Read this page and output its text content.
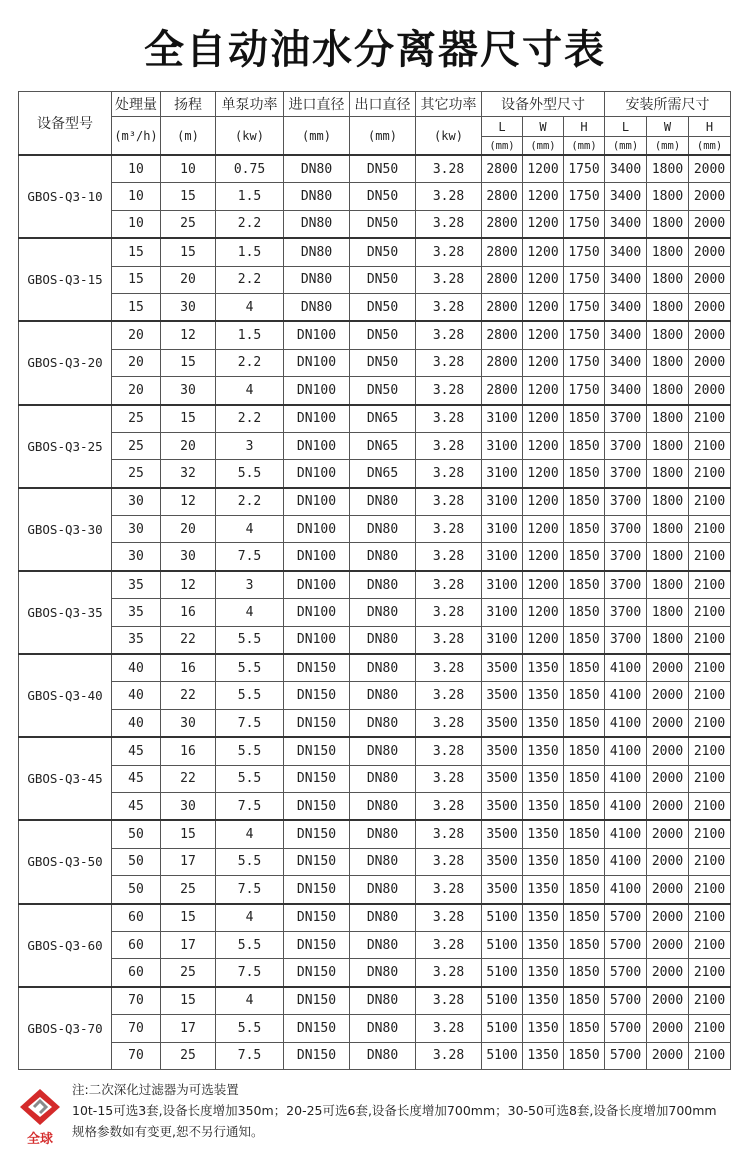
全自动油水分离器尺寸表
设备型号	处理量	扬程	单泵功率	进口直径	出口直径	其它功率	设备外型尺寸			安装所需尺寸		
	(m³/h)	(m)	(kw)	(mm)	(mm)	(kw)	L	W	H	L	W	H
							(mm)	(mm)	(mm)	(mm)	(mm)	(mm)
GBOS-Q3-10	10	10	0.75	DN80	DN50	3.28	2800	1200	1750	3400	1800	2000
	10	15	1.5	DN80	DN50	3.28	2800	1200	1750	3400	1800	2000
	10	25	2.2	DN80	DN50	3.28	2800	1200	1750	3400	1800	2000
GBOS-Q3-15	15	15	1.5	DN80	DN50	3.28	2800	1200	1750	3400	1800	2000
	15	20	2.2	DN80	DN50	3.28	2800	1200	1750	3400	1800	2000
	15	30	4	DN80	DN50	3.28	2800	1200	1750	3400	1800	2000
GBOS-Q3-20	20	12	1.5	DN100	DN50	3.28	2800	1200	1750	3400	1800	2000
	20	15	2.2	DN100	DN50	3.28	2800	1200	1750	3400	1800	2000
	20	30	4	DN100	DN50	3.28	2800	1200	1750	3400	1800	2000
GBOS-Q3-25	25	15	2.2	DN100	DN65	3.28	3100	1200	1850	3700	1800	2100
	25	20	3	DN100	DN65	3.28	3100	1200	1850	3700	1800	2100
	25	32	5.5	DN100	DN65	3.28	3100	1200	1850	3700	1800	2100
GBOS-Q3-30	30	12	2.2	DN100	DN80	3.28	3100	1200	1850	3700	1800	2100
	30	20	4	DN100	DN80	3.28	3100	1200	1850	3700	1800	2100
	30	30	7.5	DN100	DN80	3.28	3100	1200	1850	3700	1800	2100
GBOS-Q3-35	35	12	3	DN100	DN80	3.28	3100	1200	1850	3700	1800	2100
	35	16	4	DN100	DN80	3.28	3100	1200	1850	3700	1800	2100
	35	22	5.5	DN100	DN80	3.28	3100	1200	1850	3700	1800	2100
GBOS-Q3-40	40	16	5.5	DN150	DN80	3.28	3500	1350	1850	4100	2000	2100
	40	22	5.5	DN150	DN80	3.28	3500	1350	1850	4100	2000	2100
	40	30	7.5	DN150	DN80	3.28	3500	1350	1850	4100	2000	2100
GBOS-Q3-45	45	16	5.5	DN150	DN80	3.28	3500	1350	1850	4100	2000	2100
	45	22	5.5	DN150	DN80	3.28	3500	1350	1850	4100	2000	2100
	45	30	7.5	DN150	DN80	3.28	3500	1350	1850	4100	2000	2100
GBOS-Q3-50	50	15	4	DN150	DN80	3.28	3500	1350	1850	4100	2000	2100
	50	17	5.5	DN150	DN80	3.28	3500	1350	1850	4100	2000	2100
	50	25	7.5	DN150	DN80	3.28	3500	1350	1850	4100	2000	2100
GBOS-Q3-60	60	15	4	DN150	DN80	3.28	5100	1350	1850	5700	2000	2100
	60	17	5.5	DN150	DN80	3.28	5100	1350	1850	5700	2000	2100
	60	25	7.5	DN150	DN80	3.28	5100	1350	1850	5700	2000	2100
GBOS-Q3-70	70	15	4	DN150	DN80	3.28	5100	1350	1850	5700	2000	2100
	70	17	5.5	DN150	DN80	3.28	5100	1350	1850	5700	2000	2100
	70	25	7.5	DN150	DN80	3.28	5100	1350	1850	5700	2000	2100
全球
注:二次深化过滤器为可选装置
10t-15可选3套,设备长度增加350m；20-25可选6套,设备长度增加700mm；30-50可选8套,设备长度增加700mm
规格参数如有变更,恕不另行通知。
